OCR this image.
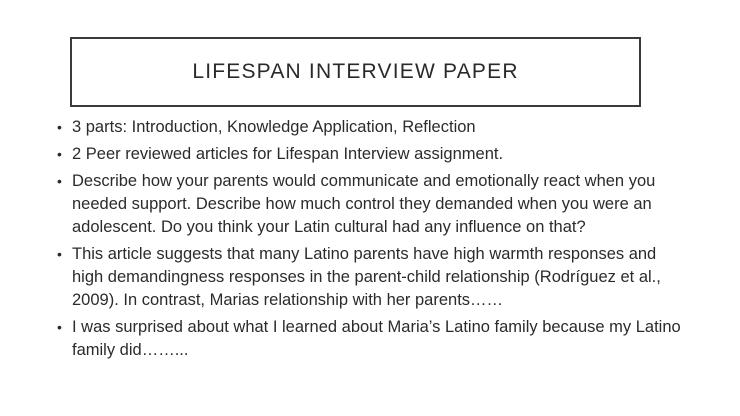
LIFESPAN INTERVIEW PAPER
• 3 parts: Introduction, Knowledge Application, Reflection
• 2 Peer reviewed articles for Lifespan Interview assignment.
• Describe how your parents would communicate and emotionally react when you needed support. Describe how much control they demanded when you were an adolescent. Do you think your Latin cultural had any influence on that?
• This article suggests that many Latino parents have high warmth responses and high demandingness responses in the parent-child relationship (Rodríguez et al., 2009). In contrast, Marias relationship with her parents……
• I was surprised about what I learned about Maria’s Latino family because my Latino family did……...
